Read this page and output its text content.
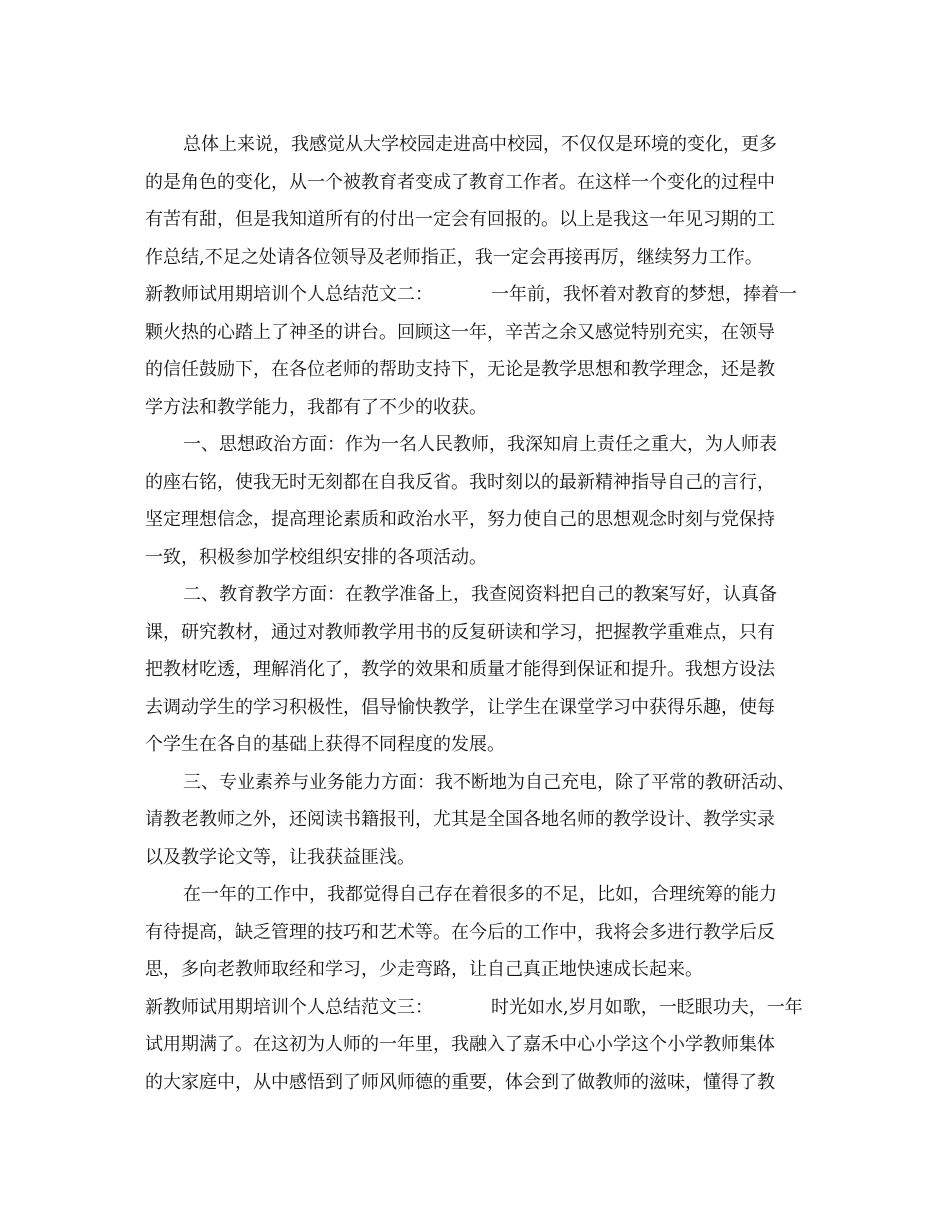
总体上来说，我感觉从大学校园走进高中校园，不仅仅是环境的变化，更多
的是角色的变化，从一个被教育者变成了教育工作者。在这样一个变化的过程中
有苦有甜，但是我知道所有的付出一定会有回报的。以上是我这一年见习期的工
作总结,不足之处请各位领导及老师指正，我一定会再接再厉，继续努力工作。
新教师试用期培训个人总结范文二：	一年前，我怀着对教育的梦想，捧着一
颗火热的心踏上了神圣的讲台。回顾这一年，辛苦之余又感觉特别充实，在领导
的信任鼓励下，在各位老师的帮助支持下，无论是教学思想和教学理念，还是教
学方法和教学能力，我都有了不少的收获。
一、思想政治方面：作为一名人民教师，我深知肩上责任之重大，为人师表
的座右铭，使我无时无刻都在自我反省。我时刻以的最新精神指导自己的言行，
坚定理想信念，提高理论素质和政治水平，努力使自己的思想观念时刻与党保持
一致，积极参加学校组织安排的各项活动。
二、教育教学方面：在教学准备上，我查阅资料把自己的教案写好，认真备
课，研究教材，通过对教师教学用书的反复研读和学习，把握教学重难点，只有
把教材吃透，理解消化了，教学的效果和质量才能得到保证和提升。我想方设法
去调动学生的学习积极性，倡导愉快教学，让学生在课堂学习中获得乐趣，使每
个学生在各自的基础上获得不同程度的发展。
三、专业素养与业务能力方面：我不断地为自己充电，除了平常的教研活动、
请教老教师之外，还阅读书籍报刊，尤其是全国各地名师的教学设计、教学实录
以及教学论文等，让我获益匪浅。
在一年的工作中，我都觉得自己存在着很多的不足，比如，合理统筹的能力
有待提高，缺乏管理的技巧和艺术等。在今后的工作中，我将会多进行教学后反
思，多向老教师取经和学习，少走弯路，让自己真正地快速成长起来。
新教师试用期培训个人总结范文三：	时光如水,岁月如歌，一眨眼功夫，一年
试用期满了。在这初为人师的一年里，我融入了嘉禾中心小学这个小学教师集体
的大家庭中，从中感悟到了师风师德的重要，体会到了做教师的滋味，懂得了教
